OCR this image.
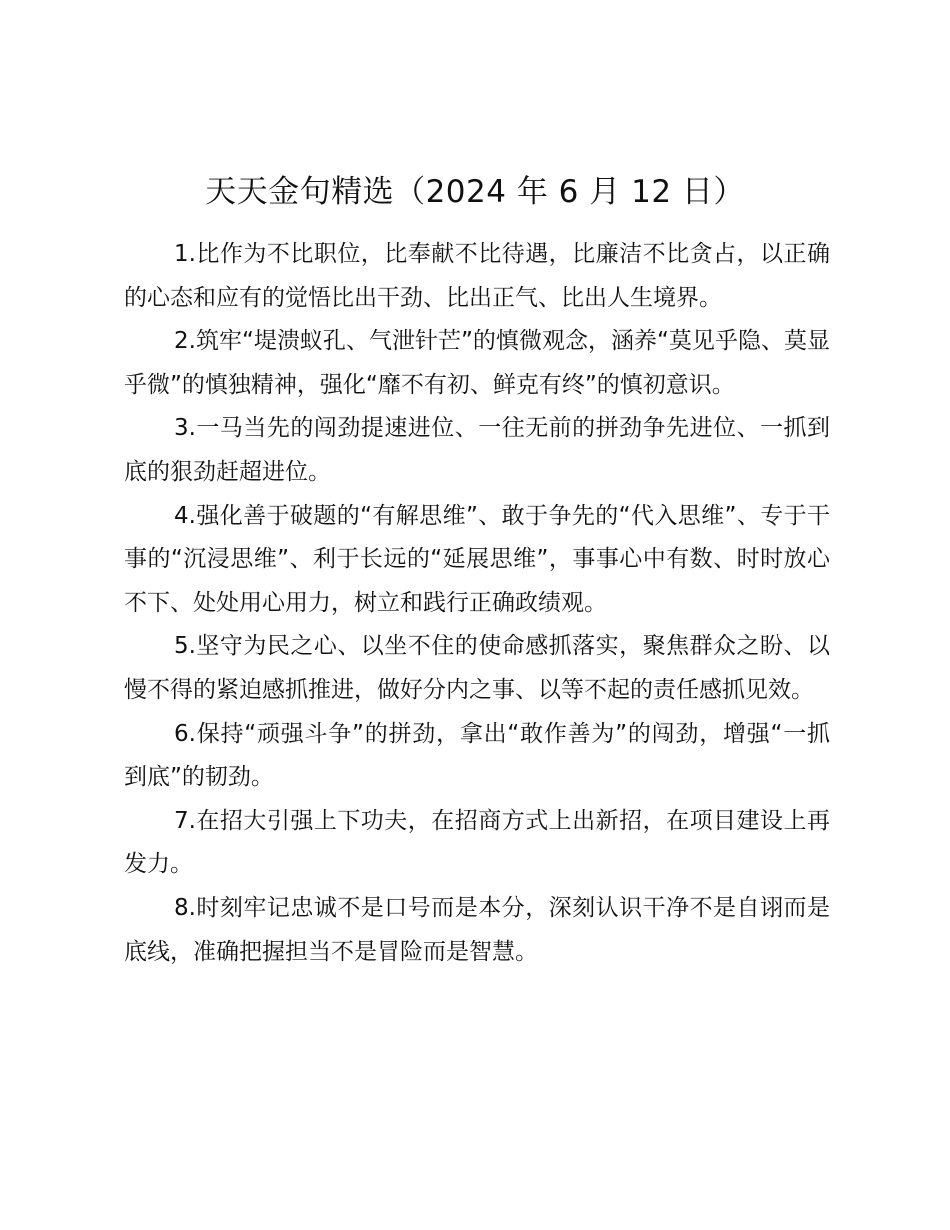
天天金句精选（2024 年 6 月 12 日）

1.比作为不比职位，比奉献不比待遇，比廉洁不比贪占，以正确的心态和应有的觉悟比出干劲、比出正气、比出人生境界。

2.筑牢“堤溃蚁孔、气泄针芒”的慎微观念，涵养“莫见乎隐、莫显乎微”的慎独精神，强化“靡不有初、鲜克有终”的慎初意识。

3.一马当先的闯劲提速进位、一往无前的拼劲争先进位、一抓到底的狠劲赶超进位。

4.强化善于破题的“有解思维”、敢于争先的“代入思维”、专于干事的“沉浸思维”、利于长远的“延展思维”，事事心中有数、时时放心不下、处处用心用力，树立和践行正确政绩观。

5.坚守为民之心、以坐不住的使命感抓落实，聚焦群众之盼、以慢不得的紧迫感抓推进，做好分内之事、以等不起的责任感抓见效。

6.保持“顽强斗争”的拼劲，拿出“敢作善为”的闯劲，增强“一抓到底”的韧劲。

7.在招大引强上下功夫，在招商方式上出新招，在项目建设上再发力。

8.时刻牢记忠诚不是口号而是本分，深刻认识干净不是自诩而是底线，准确把握担当不是冒险而是智慧。
